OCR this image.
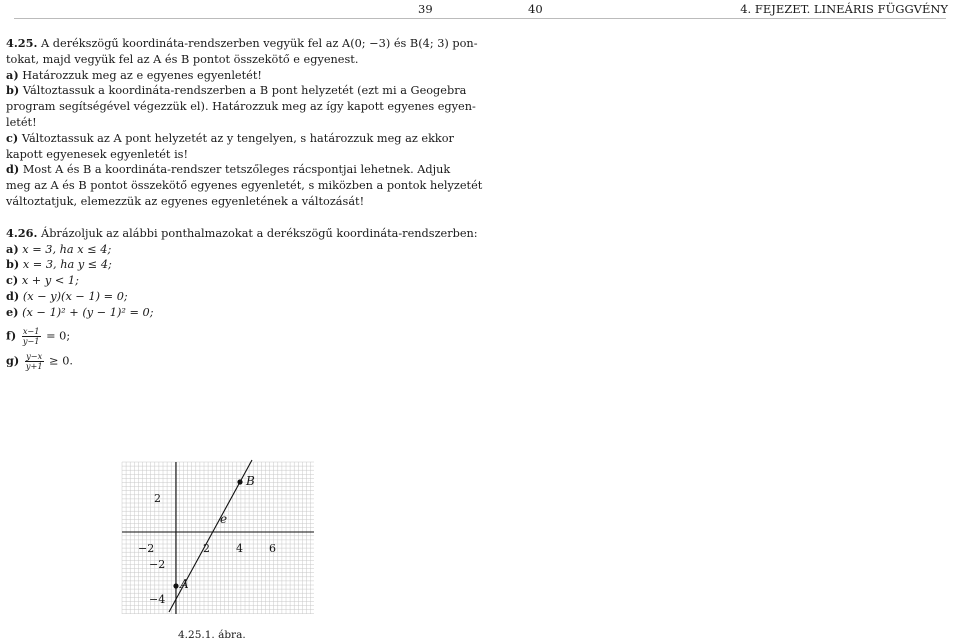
39	40	4. FEJEZET. LINEÁRIS FÜGGVÉNY

4.25. A derékszögű koordináta-rendszerben vegyük fel az A(0; −3) és B(4; 3) pon-

tokat, majd vegyük fel az A és B pontot összekötő e egyenest.

a) Határozzuk meg az e egyenes egyenletét!

b) Változtassuk a koordináta-rendszerben a B pont helyzetét (ezt mi a Geogebra

program segítségével végezzük el). Határozzuk meg az így kapott egyenes egyen-

letét!

c) Változtassuk az A pont helyzetét az y tengelyen, s határozzuk meg az ekkor

kapott egyenesek egyenletét is!

d) Most A és B a koordináta-rendszer tetszőleges rácspontjai lehetnek. Adjuk

meg az A és B pontot összekötő egyenes egyenletét, s miközben a pontok helyzetét

változtatjuk, elemezzük az egyenes egyenletének a változását!

4.26. Ábrázoljuk az alábbi ponthalmazokat a derékszögű koordináta-rendszerben:

a) x = 3, ha x ≤ 4;

b) x = 3, ha y ≤ 4;

c) x + y < 1;

d) (x − y)(x − 1) = 0;

e) (x − 1)² + (y − 1)² = 0;

$f) \frac{x-1}{y-1} = 0$;

$g) \frac{y-x}{y+1} \ge 0$.

−2	2 4 6
2
−2
−4
A
B
e
4.25.1. ábra.
